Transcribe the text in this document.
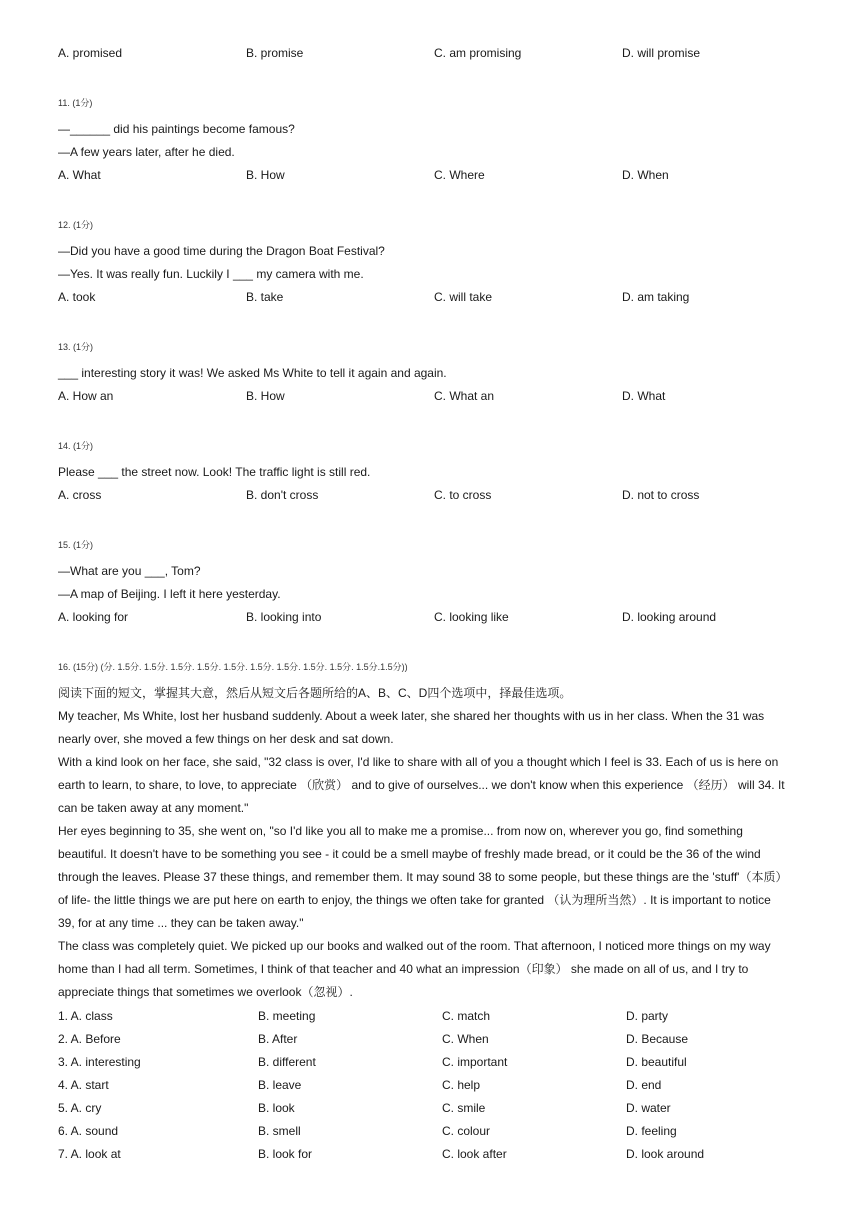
A. promised	B. promise	C. am promising	D. will promise
11. (1分)
—______ did his paintings become famous?
—A few years later, after he died.
A. What	B. How	C. Where	D. When
12. (1分)
—Did you have a good time during the Dragon Boat Festival?
—Yes. It was really fun. Luckily I ___ my camera with me.
A. took	B. take	C. will take	D. am taking
13. (1分)
___ interesting story it was! We asked Ms White to tell it again and again.
A. How an	B. How	C. What an	D. What
14. (1分)
Please ___ the street now. Look! The traffic light is still red.
A. cross	B. don't cross	C. to cross	D. not to cross
15. (1分)
—What are you ___, Tom?
—A map of Beijing. I left it here yesterday.
A. looking for	B. looking into	C. looking like	D. looking around
16. (15分) (分. 1.5分. 1.5分. 1.5分. 1.5分. 1.5分. 1.5分. 1.5分. 1.5分. 1.5分. 1.5分.1.5分))
阅读下面的短文，掌握其大意，然后从短文后各题所给的A、B、C、D四个选项中，择最佳选项。
My teacher, Ms White, lost her husband suddenly. About a week later, she shared her thoughts with us in her class. When the 31 was
nearly over, she moved a few things on her desk and sat down.
With a kind look on her face, she said, "32 class is over, I'd like to share with all of you a thought which I feel is 33. Each of us is here on
earth to learn, to share, to love, to appreciate （欣赏） and to give of ourselves... we don't know when this experience （经历） will 34. It
can be taken away at any moment."
Her eyes beginning to 35, she went on, "so I'd like you all to make me a promise... from now on, wherever you go, find something
beautiful. It doesn't have to be something you see - it could be a smell maybe of freshly made bread, or it could be the 36 of the wind
through the leaves. Please 37 these things, and remember them. It may sound 38 to some people, but these things are the 'stuff'（本质）
of life- the little things we are put here on earth to enjoy, the things we often take for granted （认为理所当然）. It is important to notice
39, for at any time ... they can be taken away."
The class was completely quiet. We picked up our books and walked out of the room. That afternoon, I noticed more things on my way
home than I had all term. Sometimes, I think of that teacher and 40 what an impression（印象） she made on all of us, and I try to
appreciate things that sometimes we overlook（忽视）.
1. A. class	B. meeting	C. match	D. party
2. A. Before	B. After	C. When	D. Because
3. A. interesting	B. different	C. important	D. beautiful
4. A. start	B. leave	C. help	D. end
5. A. cry	B. look	C. smile	D. water
6. A. sound	B. smell	C. colour	D. feeling
7. A. look at	B. look for	C. look after	D. look around
